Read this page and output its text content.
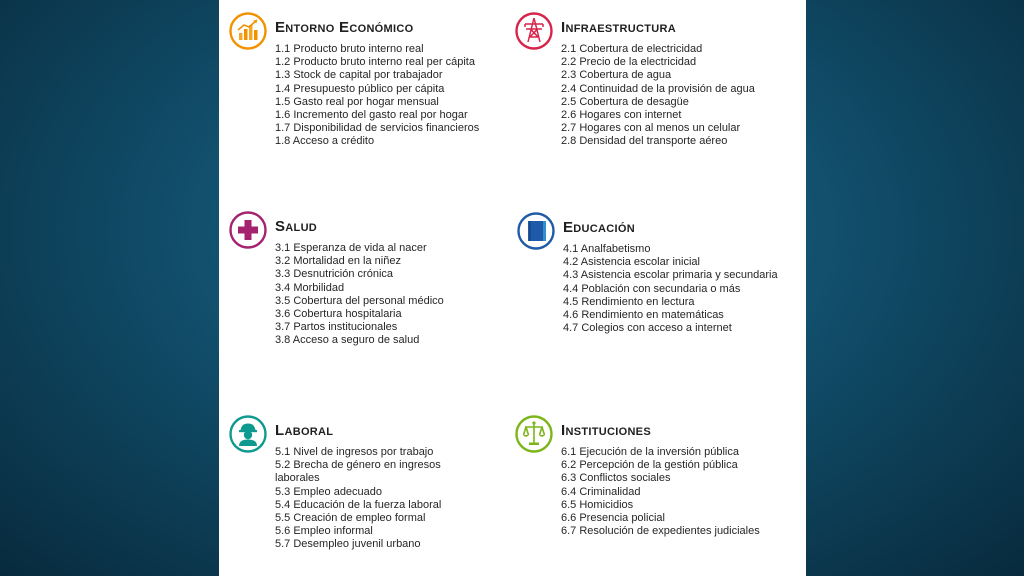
Entorno Económico
1.1 Producto bruto interno real
1.2 Producto bruto interno real per cápita
1.3 Stock de capital por trabajador
1.4 Presupuesto público per cápita
1.5 Gasto real por hogar mensual
1.6 Incremento del gasto real por hogar
1.7 Disponibilidad de servicios financieros
1.8 Acceso a crédito
Infraestructura
2.1 Cobertura de electricidad
2.2 Precio de la electricidad
2.3 Cobertura de agua
2.4 Continuidad de la provisión de agua
2.5 Cobertura de desagüe
2.6 Hogares con internet
2.7 Hogares con al menos un celular
2.8 Densidad del transporte aéreo
Salud
3.1 Esperanza de vida al nacer
3.2 Mortalidad en la niñez
3.3 Desnutrición crónica
3.4 Morbilidad
3.5 Cobertura del personal médico
3.6 Cobertura hospitalaria
3.7 Partos institucionales
3.8 Acceso a seguro de salud
Educación
4.1 Analfabetismo
4.2 Asistencia escolar inicial
4.3 Asistencia escolar primaria y secundaria
4.4 Población con secundaria o más
4.5 Rendimiento en lectura
4.6 Rendimiento en matemáticas
4.7 Colegios con acceso a internet
Laboral
5.1 Nivel de ingresos por trabajo
5.2 Brecha de género en ingresos laborales
5.3 Empleo adecuado
5.4 Educación de la fuerza laboral
5.5 Creación de empleo formal
5.6 Empleo informal
5.7 Desempleo juvenil urbano
Instituciones
6.1 Ejecución de la inversión pública
6.2 Percepción de la gestión pública
6.3 Conflictos sociales
6.4 Criminalidad
6.5 Homicidios
6.6 Presencia policial
6.7 Resolución de expedientes judiciales
